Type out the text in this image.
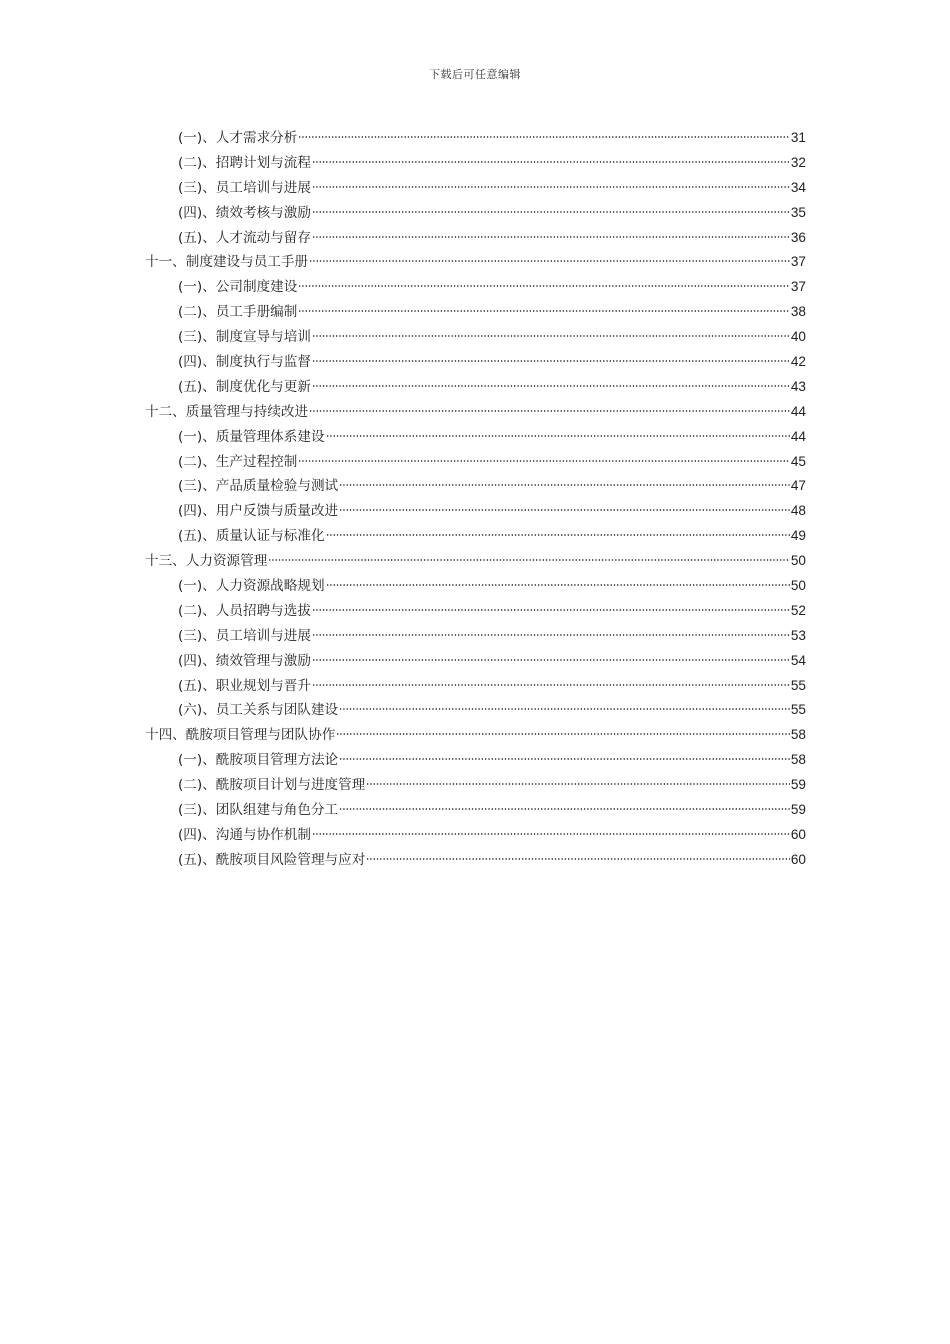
下载后可任意编辑
(一)、人才需求分析	31
(二)、招聘计划与流程	32
(三)、员工培训与进展	34
(四)、绩效考核与激励	35
(五)、人才流动与留存	36
十一、制度建设与员工手册	37
(一)、公司制度建设	37
(二)、员工手册编制	38
(三)、制度宣导与培训	40
(四)、制度执行与监督	42
(五)、制度优化与更新	43
十二、质量管理与持续改进	44
(一)、质量管理体系建设	44
(二)、生产过程控制	45
(三)、产品质量检验与测试	47
(四)、用户反馈与质量改进	48
(五)、质量认证与标准化	49
十三、人力资源管理	50
(一)、人力资源战略规划	50
(二)、人员招聘与选拔	52
(三)、员工培训与进展	53
(四)、绩效管理与激励	54
(五)、职业规划与晋升	55
(六)、员工关系与团队建设	55
十四、酰胺项目管理与团队协作	58
(一)、酰胺项目管理方法论	58
(二)、酰胺项目计划与进度管理	59
(三)、团队组建与角色分工	59
(四)、沟通与协作机制	60
(五)、酰胺项目风险管理与应对	60
